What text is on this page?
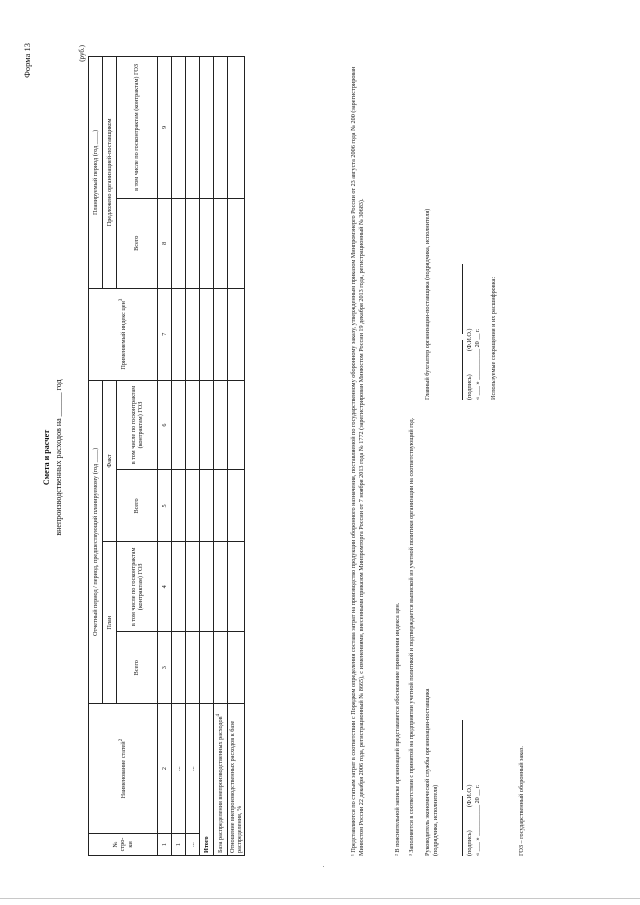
Форма 13
Смета и расчет внепроизводственных расходов на ______ год
(руб.)
№ стро- ки	Наименование статей$^2$	Отчетный период / период, предшествующий планируемому (год ____)				Применяемый индекс цен$^3$	Планируемый период (год ____)	
		План		Факт			Предложено организацией-поставщиком	
		Всего	в том числе по госконтрактам (контрактам) ГОЗ	Всего	в том числе по госконтрактам (контрактам) ГОЗ		Всего	в том числе по госконтрактам (контрактам) ГОЗ
1	2	3	4	5	6	7	8	9
1	...							
...	...							
Итого								
База распределения внепроизводственных расходов$^4$							
Отношение внепроизводственных расходов к базе распределения, %									¹ Представляются по статьям затрат в соответствии с Порядком определения состава затрат на производство продукции оборонного назначения, поставляемой по государственному оборонному заказу, утвержденным приказом Минпромэнерго России от 23 августа 2006 года № 200 (зарегистрирован Минюстом России 22 декабря 2006 года, регистрационный № 8665), с изменениями, внесенными приказом Минпромторга России от 7 ноября 2013 года № 1772 (зарегистрирован Минюстом России 19 декабря 2013 года, регистрационный № 30683).	² В пояснительной записке организацией представляется обоснование применения индекса цен. ³ Заполняется в соответствии с принятой на предприятии учетной политикой и подтверждается выпиской из учетной политики организации на соответствующий год. Руководитель экономической службы организации-поставщика (подрядчика, исполнителя)
	(подпись)               (Ф.И.О.) « ___ » __________ 20 __ г.
Главный бухгалтер организации-поставщика (подрядчика, исполнителя)
	(подпись)               (Ф.И.О.) « ___ » __________ 20 __ г.
ГОЗ – государственный оборонный заказ.
Используемые сокращения и их расшифровка:
